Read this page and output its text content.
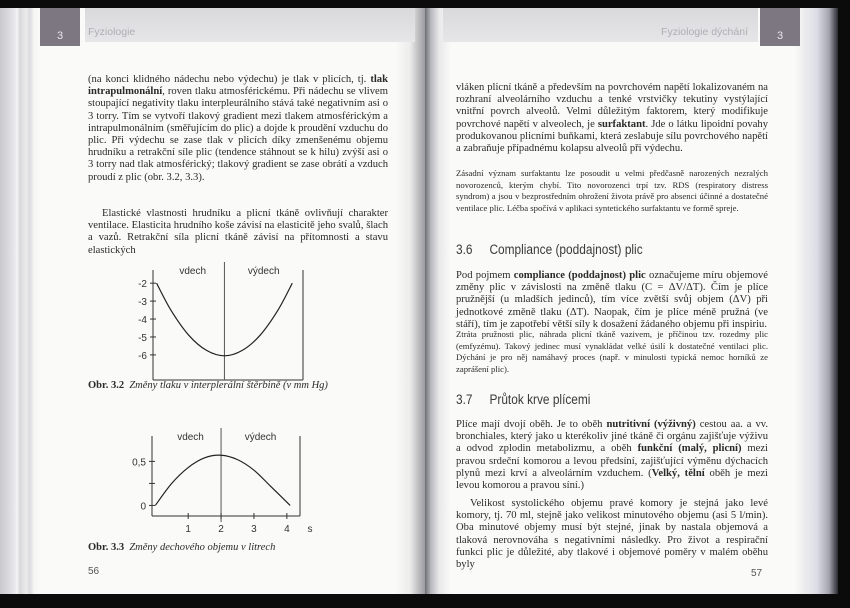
3 Fyziologie
(na konci klidného nádechu nebo výdechu) je tlak v plicích, tj. tlak intrapulmonální, roven tlaku atmosférickému. Při nádechu se vlivem stoupající negativity tlaku interpleurálního stává také negativním asi o 3 torry. Tím se vytvoří tlakový gradient mezi tlakem atmosférickým a intrapulmonálním (směřujícím do plic) a dojde k proudění vzduchu do plic. Při výdechu se zase tlak v plicích díky zmenšenému objemu hrudníku a retrakční síle plic (tendence stáhnout se k hilu) zvýší asi o 3 torry nad tlak atmosférický; tlakový gradient se zase obrátí a vzduch proudí z plic (obr. 3.2, 3.3).
Elastické vlastnosti hrudníku a plicní tkáně ovlivňují charakter ventilace. Elasticita hrudního koše závisí na elasticitě jeho svalů, šlach a vazů. Retrakční síla plicní tkáně závisí na přítomnosti a stavu elastických
vdech	výdech
-2
-3
-4
-5
-6
Obr. 3.2 Změny tlaku v interplerální štěrbině (v mm Hg)
vdech	výdech
0
0,5
1	2	3	4 s
Obr. 3.3 Změny dechového objemu v litrech
56
3
Fyziologie dýchání
vláken plicní tkáně a především na povrchovém napětí lokalizovaném na rozhraní alveolárního vzduchu a tenké vrstvičky tekutiny vystýlající vnitřní povrch alveolů. Velmi důležitým faktorem, který modifikuje povrchové napětí v alveolech, je surfaktant. Jde o látku lipoidní povahy produkovanou plicními buňkami, která zeslabuje sílu povrchového napětí a zabraňuje případnému kolapsu alveolů při výdechu.
Zásadní význam surfaktantu lze posoudit u velmi předčasně narozených nezralých novorozenců, kterým chybí. Tito novorozenci trpí tzv. RDS (respiratory distress syndrom) a jsou v bezprostředním ohrožení života právě pro absenci účinné a dostatečné ventilace plic. Léčba spočívá v aplikaci syntetického surfaktantu ve formě spreje.
3.6 Compliance (poddajnost) plic
Pod pojmem compliance (poddajnost) plic označujeme míru objemové změny plic v závislosti na změně tlaku (C = ΔV/ΔT). Čím je plíce pružnější (u mladších jedinců), tím více zvětší svůj objem (ΔV) při jednotkové změně tlaku (ΔT). Naopak, čím je plíce méně pružná (ve stáří), tím je zapotřebí větší síly k dosažení žádaného objemu při inspiriu.
Ztráta pružnosti plic, náhrada plicní tkáně vazivem, je příčinou tzv. rozedmy plic (emfyzému). Takový jedinec musí vynakládat velké úsilí k dostatečné ventilaci plic. Dýchání je pro něj namáhavý proces (např. v minulosti typická nemoc horníků ze zaprášení plic).
3.7 Průtok krve plícemi
Plíce mají dvojí oběh. Je to oběh nutritivní (výživný) cestou aa. a vv. bronchiales, který jako u kterékoliv jiné tkáně či orgánu zajišťuje výživu a odvod zplodin metabolizmu, a oběh funkční (malý, plicní) mezi pravou srdeční komorou a levou předsíní, zajišťující výměnu dýchacích plynů mezi krví a alveolárním vzduchem. (Velký, tělní oběh je mezi levou komorou a pravou síní.)
Velikost systolického objemu pravé komory je stejná jako levé komory, tj. 70 ml, stejně jako velikost minutového objemu (asi 5 l/min). Oba minutové objemy musí být stejné, jinak by nastala objemová a tlaková nerovnováha s negativními následky. Pro život a respirační funkci plic je důležité, aby tlakové i objemové poměry v malém oběhu byly
57
